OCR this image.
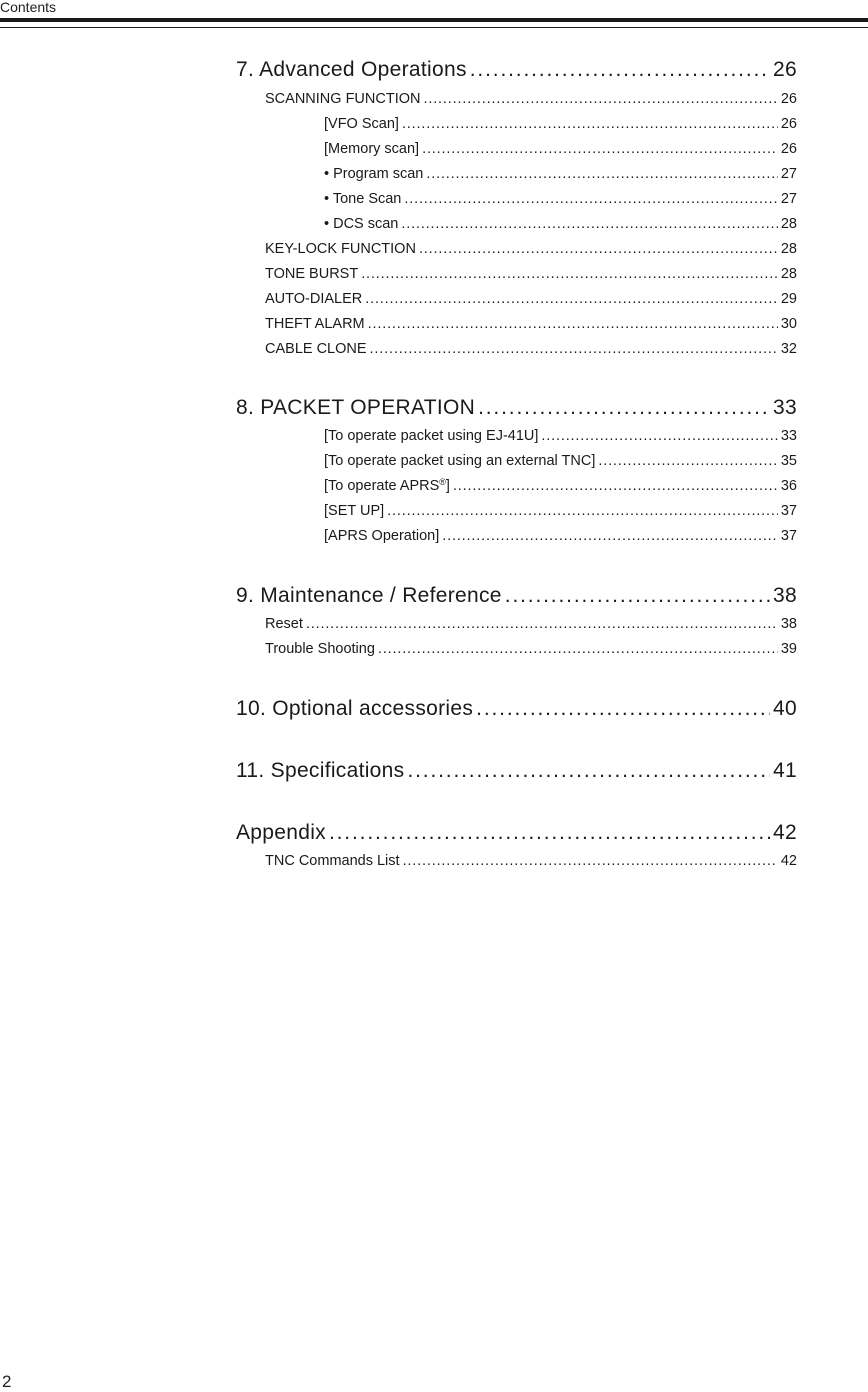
Contents
7. Advanced Operations . . .	26
SCANNING FUNCTION . . .	26
[VFO Scan] . . .	26
[Memory scan] . . .	26
• Program scan . . .	27
• Tone Scan . . .	27
• DCS scan . . .	28
KEY-LOCK FUNCTION . . .	28
TONE BURST . . .	28
AUTO-DIALER . . .	29
THEFT ALARM . . .	30
CABLE CLONE . . .	32
8. PACKET OPERATION . . .	33
[To operate packet using EJ-41U] . . .	33
[To operate packet using an external TNC] . . .	35
[To operate APRS®] . . .	36
[SET UP] . . .	37
[APRS Operation] . . .	37
9. Maintenance / Reference . . .	38
Reset . . .	38
Trouble Shooting . . .	39
10. Optional accessories . . .	40
11. Specifications . . .	41
Appendix . . .	42
TNC Commands List . . .	42
2
